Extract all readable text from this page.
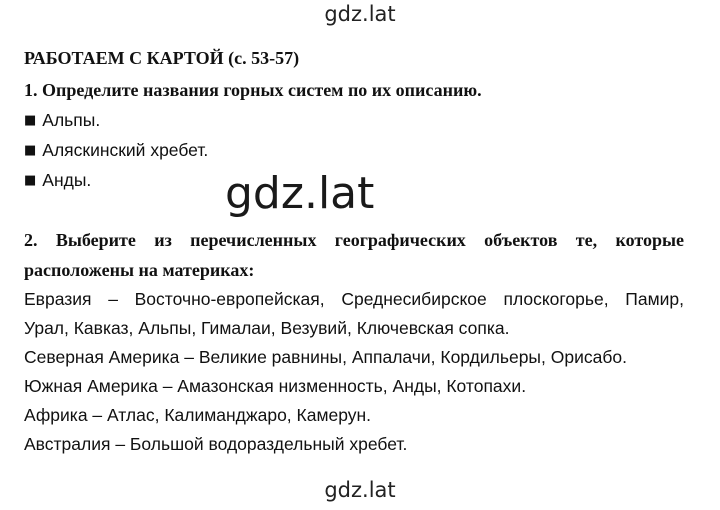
gdz.lat
РАБОТАЕМ С КАРТОЙ (с. 53-57)
1. Определите названия горных систем по их описанию.
■ Альпы.
■ Аляскинский хребет.
■ Анды.	gdz.lat
2. Выберите из перечисленных географических объектов те, которые
расположены на материках:
Евразия – Восточно-европейская, Среднесибирское плоскогорье, Памир,
Урал, Кавказ, Альпы, Гималаи, Везувий, Ключевская сопка.
Северная Америка – Великие равнины, Аппалачи, Кордильеры, Орисабо.
Южная Америка – Амазонская низменность, Анды, Котопахи.
Африка – Атлас, Калиманджаро, Камерун.
Австралия – Большой водораздельный хребет.
gdz.lat
